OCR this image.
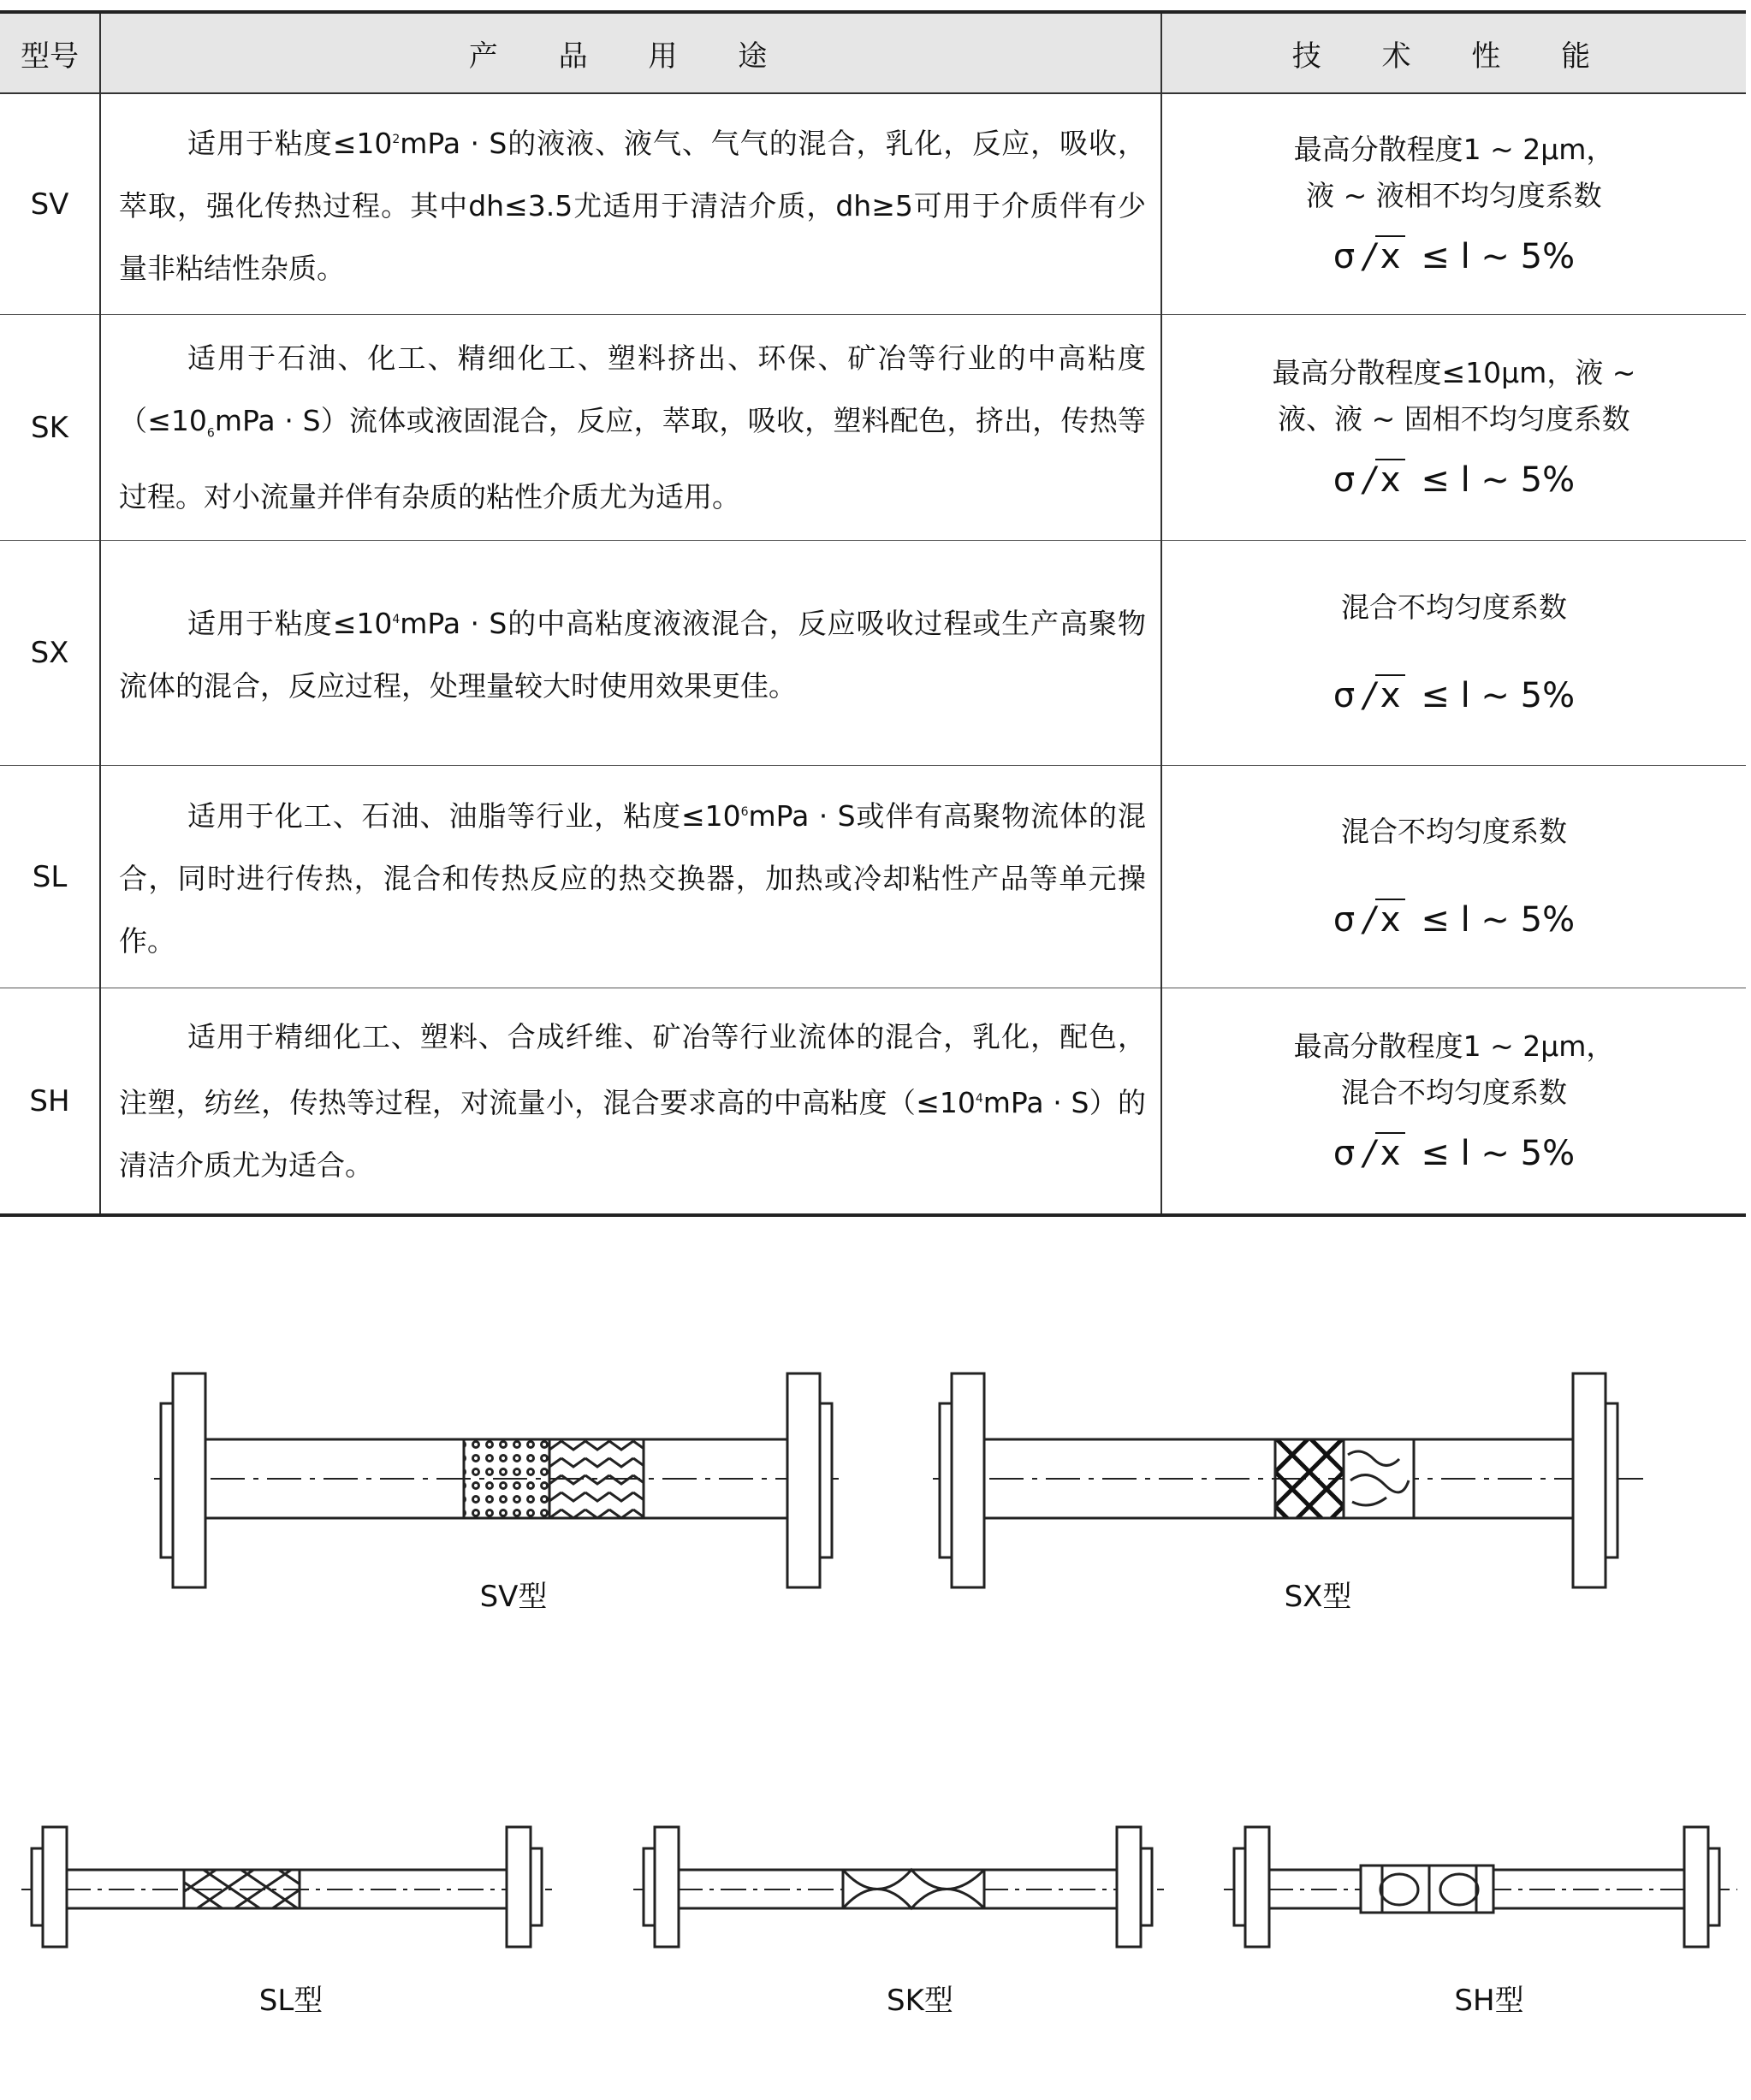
型号	产 品 用 途	技 术 性 能
SV	适用于粘度$\le 10^2mPa \cdot S$的液液、液气、气气的混合，乳化，反应，吸收，萃取，强化传热过程。其中dh≤3.5尤适用于清洁介质，dh≥5可用于介质伴有少量非粘结性杂质。	最高分散程度1 ~ 2μm，
液 ~ 液相不均匀度系数
σ / x ≤ l ~ 5%

SK	适用于石油、化工、精细化工、塑料挤出、环保、矿冶等行业的中高粘度$(\le 10_6mPa \cdot S)$流体或液固混合，反应，萃取，吸收，塑料配色，挤出，传热等过程。对小流量并伴有杂质的粘性介质尤为适用。	最高分散程度≤10μm，液 ~
液、液 ~ 固相不均匀度系数
σ / x ≤ l ~ 5%

SX	适用于粘度$\le 10^4mPa \cdot S$的中高粘度液液混合，反应吸收过程或生产高聚物流体的混合，反应过程，处理量较大时使用效果更佳。	混合不均匀度系数
σ / x ≤ l ~ 5%

SL	适用于化工、石油、油脂等行业，粘度$\le 10^6mPa \cdot S$或伴有高聚物流体的混合，同时进行传热，混合和传热反应的热交换器，加热或冷却粘性产品等单元操作。	混合不均匀度系数
σ / x ≤ l ~ 5%

SH	适用于精细化工、塑料、合成纤维、矿冶等行业流体的混合，乳化，配色，注塑，纺丝，传热等过程，对流量小，混合要求高的中高粘度$(\le 10^4mPa \cdot S)$的清洁介质尤为适合。	最高分散程度1 ~ 2μm，
混合不均匀度系数
σ / x ≤ l ~ 5%
SV型	SX型
SL型	SK型	SH型
